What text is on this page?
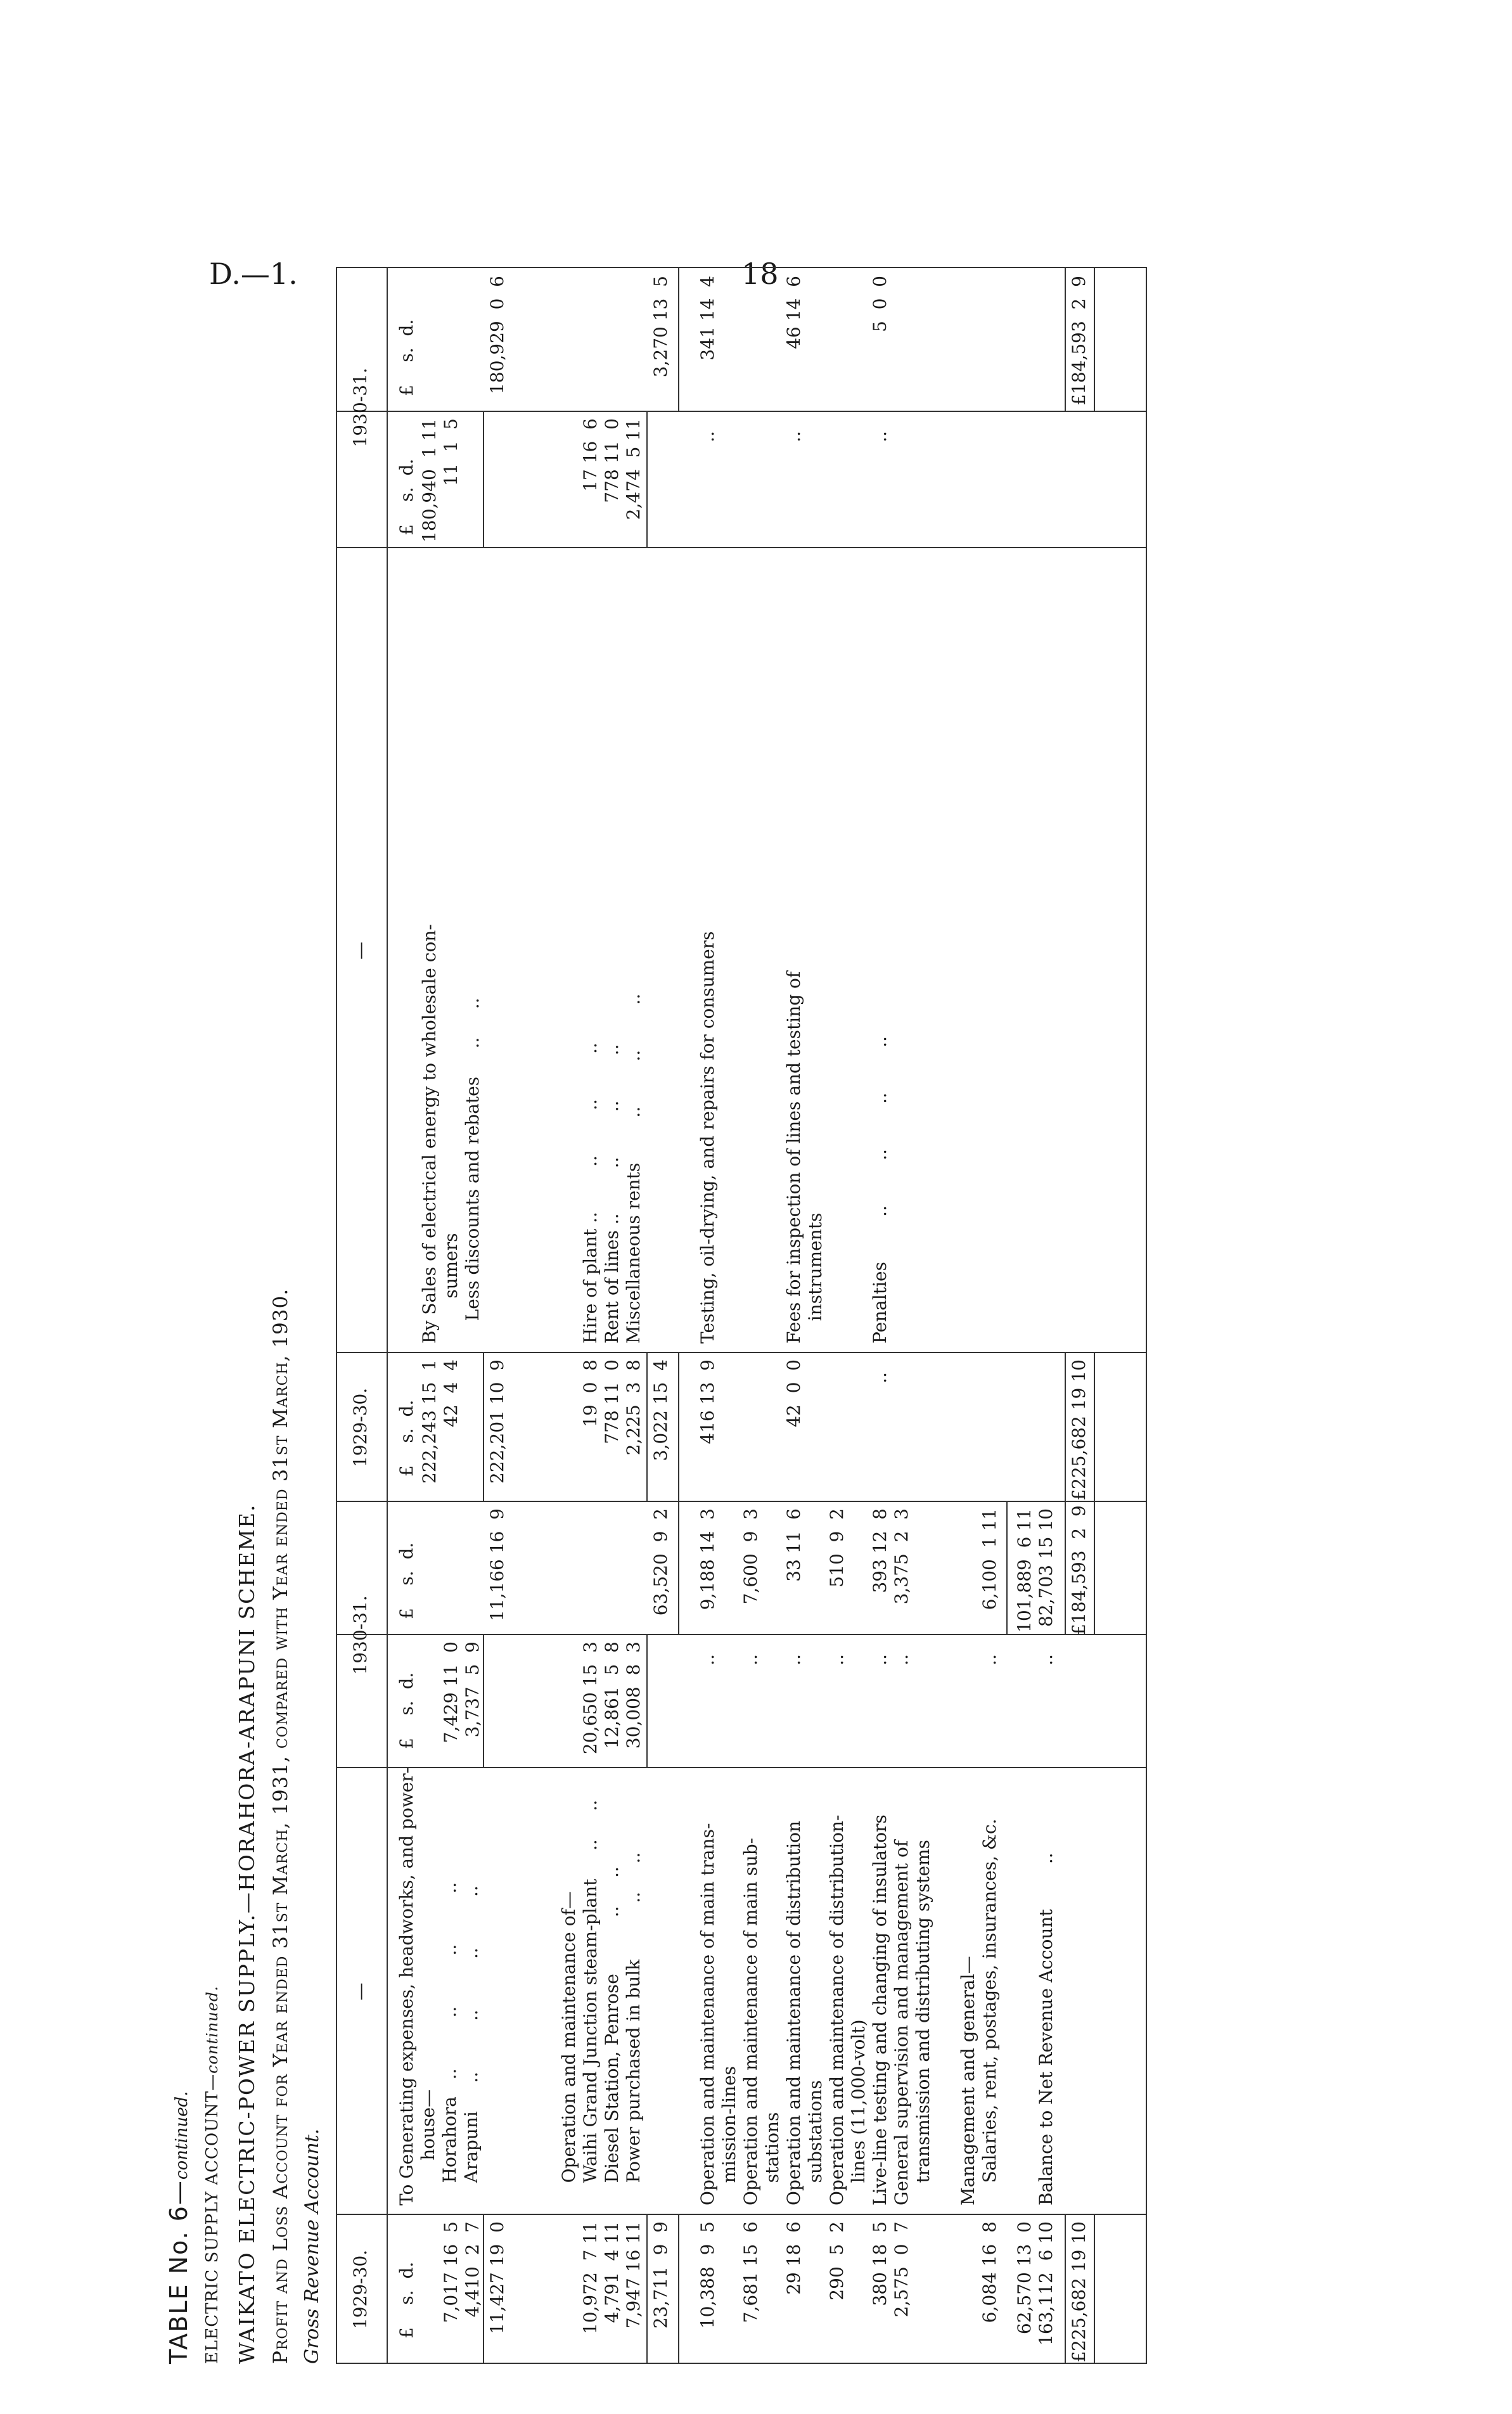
D.—1.	18
TABLE No. 6—continued. ELECTRIC SUPPLY ACCOUNT—continued. WAIKATO ELECTRIC-POWER SUPPLY.—HORAHORA-ARAPUNI SCHEME. Profit and Loss Account for Year ended 31st March, 1931, compared with Year ended 31st March, 1930. Gross Revenue Account. 1929-30.
—
1930-31.
1929-30.
—
1930-31.
£    s.  d.
£    s.  d.
£    s.  d.
£    s.  d.
£    s.  d.
£    s.  d.
7,017 16  5
4,410  2  7
To Generating expenses, headworks, and power-
house—
Horahora   ..         ..         ..         ..
Arapuni     ..         ..         ..         ..
7,429 11  0
3,737  5  9
11,427 19  0
11,166 16  9
10,972  7 11
4,791  4 11
7,947 16 11
Operation and maintenance of—
Waihi Grand Junction steam-plant     ..     ..
Diesel Station, Penrose          ..     ..
Power purchased in bulk          ..     ..
20,650 15  3
12,861  5  8
30,008  8  3
23,711  9  9
63,520  9  2
10,388  9  5
Operation and maintenance of main trans-
mission-lines
..
9,188 14  3
7,681 15  6
Operation and maintenance of main sub-
stations
..
7,600  9  3
29 18  6
Operation and maintenance of distribution
substations
..
33 11  6
290  5  2
Operation and maintenance of distribution-
lines (11,000-volt)
..
510  9  2
380 18  5
2,575  0  7
Live-line testing and changing of insulators
General supervision and management of
transmission and distributing systems
..
..
393 12  8
3,375  2  3
6,084 16  8
Management and general—
Salaries, rent, postages, insurances, &c.
..
6,100  1 11
62,570 13  0
163,112  6 10

Balance to Net Revenue Account        ..
..
101,889  6 11
82,703 15 10
£225,682 19 10
£184,593  2  9
222,243 15  1
42  4  4
By Sales of electrical energy to wholesale con-
sumers
Less discounts and rebates     ..     ..
180,940  1 11
11  1  5
222,201 10  9
180,929  0  6
19  0  8
778 11  0
2,225  3  8
Hire of plant ..        ..        ..        ..
Rent of lines ..        ..        ..        ..
Miscellaneous rents        ..        ..        ..
17 16  6
778 11  0
2,474  5 11
3,022 15  4
3,270 13  5
416 13  9
Testing, oil-drying, and repairs for consumers
..
341 14  4
42  0  0
Fees for inspection of lines and testing of
instruments
..
46 14  6
..
Penalties        ..        ..        ..        ..
..
5  0  0
£225,682 19 10
£184,593  2  9
